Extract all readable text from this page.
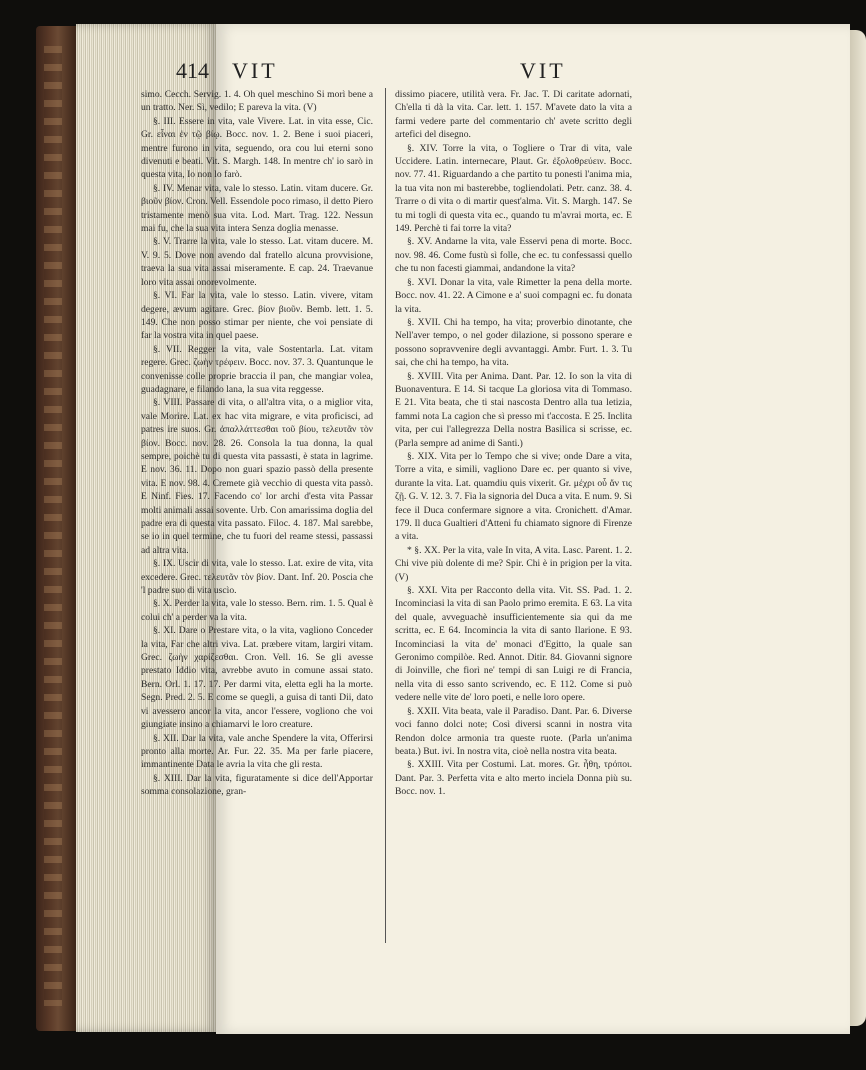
414 VIT	VIT

simo. Cecch. Servig. 1. 4. Oh quel meschino Si morì bene a un tratto. Ner. Sì, vedilo; E pareva la vita. (V)

§. III. Essere in vita, vale Vivere. Lat. in vita esse, Cic. Gr. εἶναι ἐν τῷ βίῳ. Bocc. nov. 1. 2. Bene i suoi piaceri, mentre furono in vita, seguendo, ora cou lui eterni sono divenuti e beati. Vit. S. Margh. 148. In mentre ch' io sarò in questa vita, Io non lo farò.

§. IV. Menar vita, vale lo stesso. Latin. vitam ducere. Gr. βιοῦν βίον. Cron. Vell. Essendole poco rimaso, il detto Piero tristamente menò sua vita. Lod. Mart. Trag. 122. Nessun mai fu, che la sua vita intera Senza doglia menasse.

§. V. Trarre la vita, vale lo stesso. Lat. vitam ducere. M. V. 9. 5. Dove non avendo dal fratello alcuna provvisione, traeva la sua vita assai miseramente. E cap. 24. Traevanue loro vita assai onorevolmente.

§. VI. Far la vita, vale lo stesso. Latin. vivere, vitam degere, ævum agitare. Grec. βίον βιοῦν. Bemb. lett. 1. 5. 149. Che non posso stimar per niente, che voi pensiate di far la vostra vita in quel paese.

§. VII. Regger la vita, vale Sostentarla. Lat. vitam regere. Grec. ζωὴν τρέφειν. Bocc. nov. 37. 3. Quantunque le convenisse colle proprie braccia il pan, che mangiar volea, guadagnare, e filando lana, la sua vita reggesse.

§. VIII. Passare di vita, o all'altra vita, o a miglior vita, vale Morire. Lat. ex hac vita migrare, e vita proficisci, ad patres ire suos. Gr. ἀπαλλάττεσθαι τοῦ βίου, τελευτᾶν τὸν βίον. Bocc. nov. 28. 26. Consola la tua donna, la qual sempre, poichè tu di questa vita passasti, è stata in lagrime. E nov. 36. 11. Dopo non guari spazio passò della presente vita. E nov. 98. 4. Cremete già vecchio di questa vita passò. E Ninf. Fies. 17. Facendo co' lor archi d'esta vita Passar molti animali assai sovente. Urb. Con amarissima doglia del padre era di questa vita passato. Filoc. 4. 187. Mal sarebbe, se io in quel termine, che tu fuori del reame stessi, passassi ad altra vita.

§. IX. Uscir di vita, vale lo stesso. Lat. exire de vita, vita excedere. Grec. τελευτᾶν τὸν βίον. Dant. Inf. 20. Poscia che 'l padre suo di vita uscìo.

§. X. Perder la vita, vale lo stesso. Bern. rim. 1. 5. Qual è colui ch' a perder va la vita.

§. XI. Dare o Prestare vita, o la vita, vagliono Conceder la vita, Far che altri viva. Lat. præbere vitam, largiri vitam. Grec. ζωὴν χαρίζεσθαι. Cron. Vell. 16. Se gli avesse prestato Iddio vita, avrebbe avuto in comune assai stato. Bern. Orl. 1. 17. 17. Per darmi vita, eletta egli ha la morte. Segn. Pred. 2. 5. E come se quegli, a guisa di tanti Dii, dato vi avessero ancor la vita, ancor l'essere, vogliono che voi giungiate insino a chiamarvi le loro creature.

§. XII. Dar la vita, vale anche Spendere la vita, Offerirsi pronto alla morte. Ar. Fur. 22. 35. Ma per farle piacere, immantinente Data le avria la vita che gli resta.

§. XIII. Dar la vita, figuratamente si dice dell'Apportar somma consolazione, gran-

dissimo piacere, utilità vera. Fr. Jac. T. Di caritate adornati, Ch'ella ti dà la vita. Car. lett. 1. 157. M'avete dato la vita a farmi vedere parte del commentario ch' avete scritto degli artefici del disegno.

§. XIV. Torre la vita, o Togliere o Trar di vita, vale Uccidere. Latin. internecare, Plaut. Gr. ἐξολοθρεύειν. Bocc. nov. 77. 41. Riguardando a che partito tu ponesti l'anima mia, la tua vita non mi basterebbe, togliendolati. Petr. canz. 38. 4. Trarre o di vita o di martir quest'alma. Vit. S. Margh. 147. Se tu mi togli di questa vita ec., quando tu m'avrai morta, ec. E 149. Perchè ti fai torre la vita?

§. XV. Andarne la vita, vale Esservi pena di morte. Bocc. nov. 98. 46. Come fustù sì folle, che ec. tu confessassi quello che tu non facesti giammai, andandone la vita?

§. XVI. Donar la vita, vale Rimetter la pena della morte. Bocc. nov. 41. 22. A Cimone e a' suoi compagni ec. fu donata la vita.

§. XVII. Chi ha tempo, ha vita; proverbio dinotante, che Nell'aver tempo, o nel goder dilazione, si possono sperare e possono sopravvenire degli avvantaggi. Ambr. Furt. 1. 3. Tu sai, che chi ha tempo, ha vita.

§. XVIII. Vita per Anima. Dant. Par. 12. Io son la vita di Buonaventura. E 14. Si tacque La gloriosa vita di Tommaso. E 21. Vita beata, che ti stai nascosta Dentro alla tua letizia, fammi nota La cagion che sì presso mi t'accosta. E 25. Inclita vita, per cui l'allegrezza Della nostra Basilica si scrisse, ec. (Parla sempre ad anime di Santi.)

§. XIX. Vita per lo Tempo che si vive; onde Dare a vita, Torre a vita, e simili, vagliono Dare ec. per quanto si vive, durante la vita. Lat. quamdiu quis vixerit. Gr. μέχρι οὗ ἄν τις ζῇ. G. V. 12. 3. 7. Fia la signoria del Duca a vita. E num. 9. Si fece il Duca confermare signore a vita. Cronichett. d'Amar. 179. Il duca Gualtieri d'Atteni fu chiamato signore di Firenze a vita.

* §. XX. Per la vita, vale In vita, A vita. Lasc. Parent. 1. 2. Chi vive più dolente di me? Spir. Chi è in prigion per la vita. (V)

§. XXI. Vita per Racconto della vita. Vit. SS. Pad. 1. 2. Incominciasi la vita di san Paolo primo eremita. E 63. La vita del quale, avveguachè insufficientemente sia qui da me scritta, ec. E 64. Incomincia la vita di santo Ilarione. E 93. Incominciasi la vita de' monaci d'Egitto, la quale san Geronimo compilòe. Red. Annot. Ditir. 84. Giovanni signore di Joinville, che fiorì ne' tempi di san Luigi re di Francia, nella vita di esso santo scrivendo, ec. E 112. Come si può vedere nelle vite de' loro poeti, e nelle loro opere.

§. XXII. Vita beata, vale il Paradiso. Dant. Par. 6. Diverse voci fanno dolci note; Così diversi scanni in nostra vita Rendon dolce armonia tra queste ruote. (Parla un'anima beata.) But. ivi. In nostra vita, cioè nella nostra vita beata.

§. XXIII. Vita per Costumi. Lat. mores. Gr. ἦθη, τρόποι. Dant. Par. 3. Perfetta vita e alto merto inciela Donna più su. Bocc. nov. 1.
